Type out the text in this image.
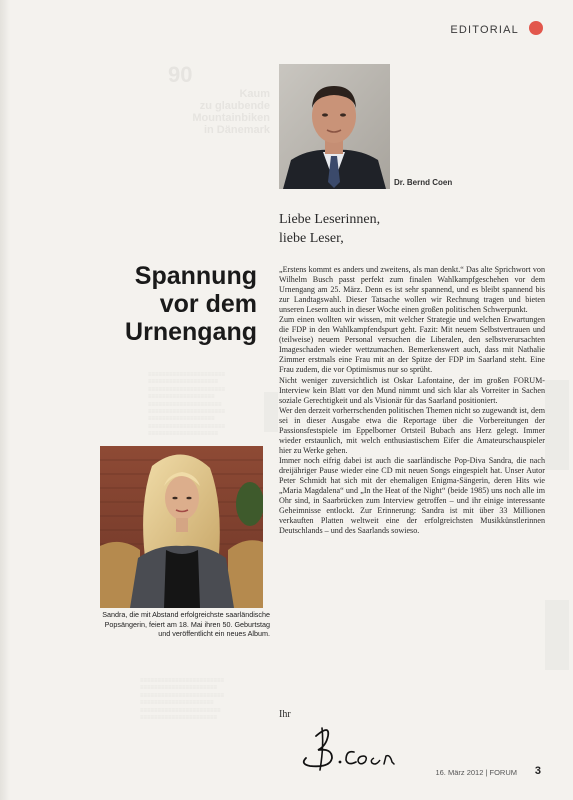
90
Kaum
zu glaubende
Mountainbiken
in Dänemark
≡≡≡≡≡≡≡≡≡≡≡≡≡≡≡≡≡≡≡≡≡≡
≡≡≡≡≡≡≡≡≡≡≡≡≡≡≡≡≡≡≡≡
≡≡≡≡≡≡≡≡≡≡≡≡≡≡≡≡≡≡≡≡≡≡
≡≡≡≡≡≡≡≡≡≡≡≡≡≡≡≡≡≡≡
≡≡≡≡≡≡≡≡≡≡≡≡≡≡≡≡≡≡≡≡≡
≡≡≡≡≡≡≡≡≡≡≡≡≡≡≡≡≡≡≡≡≡≡
≡≡≡≡≡≡≡≡≡≡≡≡≡≡≡≡≡≡≡
≡≡≡≡≡≡≡≡≡≡≡≡≡≡≡≡≡≡≡≡≡≡
≡≡≡≡≡≡≡≡≡≡≡≡≡≡≡≡≡≡≡≡
≡≡≡≡≡≡≡≡≡≡≡≡≡≡≡≡≡≡≡≡≡≡≡≡
≡≡≡≡≡≡≡≡≡≡≡≡≡≡≡≡≡≡≡≡≡≡
≡≡≡≡≡≡≡≡≡≡≡≡≡≡≡≡≡≡≡≡≡≡≡≡
≡≡≡≡≡≡≡≡≡≡≡≡≡≡≡≡≡≡≡≡≡
≡≡≡≡≡≡≡≡≡≡≡≡≡≡≡≡≡≡≡≡≡≡≡
≡≡≡≡≡≡≡≡≡≡≡≡≡≡≡≡≡≡≡≡≡≡
EDITORIAL
Dr. Bernd Coen
Liebe Leserinnen,
liebe Leser,
Spannung
vor dem
Urnengang

„Erstens kommt es anders und zweitens, als man denkt.“ Das alte Sprichwort von Wilhelm Busch passt perfekt zum finalen Wahlkampfgeschehen vor dem Urnengang am 25. März. Denn es ist sehr spannend, und es bleibt spannend bis zur Landtagswahl. Dieser Tatsache wollen wir Rechnung tragen und bieten unseren Lesern auch in dieser Woche einen großen politischen Schwerpunkt.

Zum einen wollten wir wissen, mit welcher Strategie und welchen Erwartungen die FDP in den Wahlkampfendspurt geht. Fazit: Mit neuem Selbstvertrauen und (teilweise) neuem Personal versuchen die Liberalen, den selbstverursachten Imageschaden wieder wettzumachen. Bemerkenswert auch, dass mit Nathalie Zimmer erstmals eine Frau mit an der Spitze der FDP im Saarland steht. Eine Frau zudem, die vor Optimismus nur so sprüht.

Nicht weniger zuversichtlich ist Oskar Lafontaine, der im großen FORUM-Interview kein Blatt vor den Mund nimmt und sich klar als Vorreiter in Sachen soziale Gerechtigkeit und als Visionär für das Saarland positioniert.

Wer den derzeit vorherrschenden politischen Themen nicht so zugewandt ist, dem sei in dieser Ausgabe etwa die Reportage über die Vorbereitungen der Passionsfestspiele im Eppelborner Ortsteil Bubach ans Herz gelegt. Immer wieder erstaunlich, mit welch enthusiastischem Eifer die Amateurschauspieler hier zu Werke gehen.

Immer noch eifrig dabei ist auch die saarländische Pop-Diva Sandra, die nach dreijähriger Pause wieder eine CD mit neuen Songs eingespielt hat. Unser Autor Peter Schmidt hat sich mit der ehemaligen Enigma-Sängerin, deren Hits wie „Maria Magdalena“ und „In the Heat of the Night“ (beide 1985) uns noch alle im Ohr sind, in Saarbrücken zum Interview getroffen – und ihr einige interessante Geheimnisse entlockt. Zur Erinnerung: Sandra ist mit über 33 Millionen verkauften Platten weltweit eine der erfolgreichsten Musikkünstlerinnen Deutschlands – und des Saarlands sowieso.

Sandra, die mit Abstand erfolgreichste saarländische Popsängerin, feiert am 18. Mai ihren 50. Geburtstag und veröffentlicht ein neues Album.
Ihr
16. März 2012 | FORUM 3
